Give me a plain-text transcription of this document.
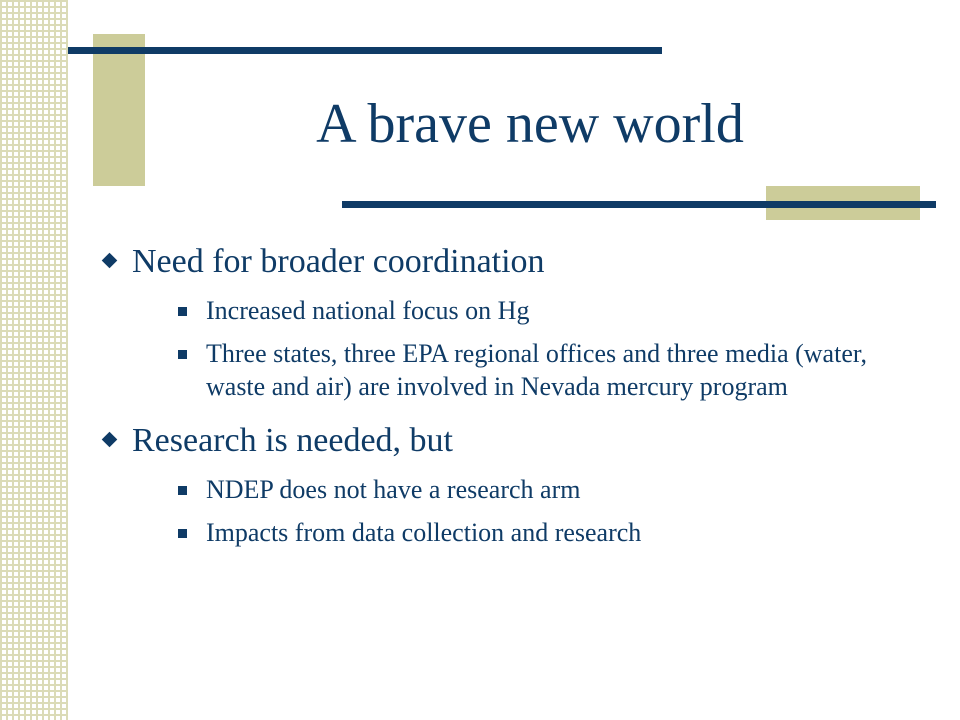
A brave new world
Need for broader coordination
Increased national focus on Hg
Three states, three EPA regional offices and three media (water, waste and air) are involved in Nevada mercury program
Research is needed, but
NDEP does not have a research arm
Impacts from data collection and research
